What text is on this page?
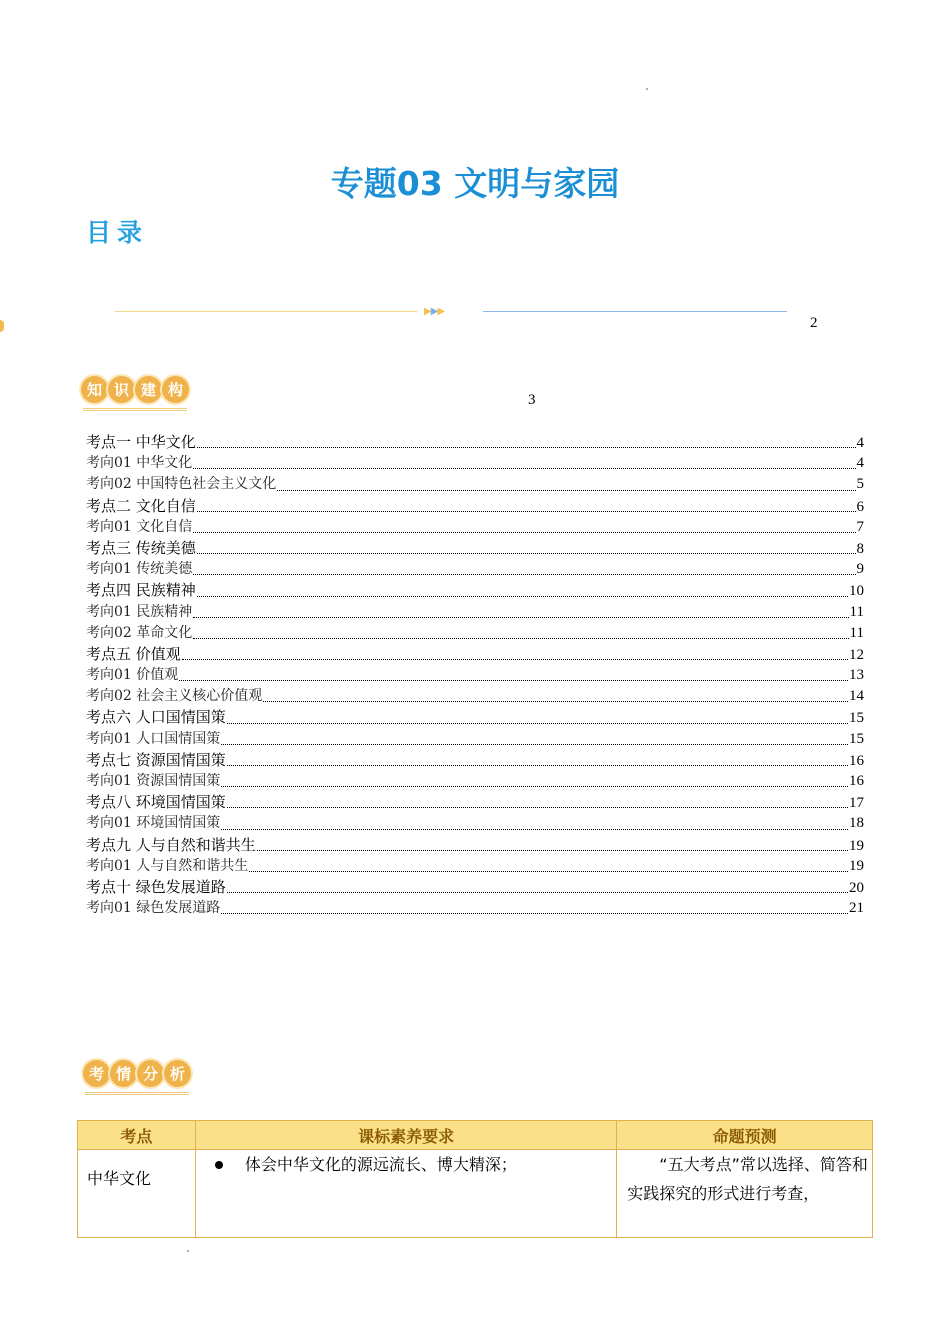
专题03 文明与家园
目录
▶▶▶
2
3
知 识 建 构
考点一 中华文化	4
考向01 中华文化	4
考向02 中国特色社会主义文化	5
考点二 文化自信	6
考向01 文化自信	7
考点三 传统美德	8
考向01 传统美德	9
考点四 民族精神	10
考向01 民族精神	11
考向02 革命文化	11
考点五 价值观	12
考向01 价值观	13
考向02 社会主义核心价值观	14
考点六 人口国情国策	15
考向01 人口国情国策	15
考点七 资源国情国策	16
考向01 资源国情国策	16
考点八 环境国情国策	17
考向01 环境国情国策	18
考点九 人与自然和谐共生	19
考向01 人与自然和谐共生	19
考点十 绿色发展道路	20
考向01 绿色发展道路	21
考 情 分 析
考点	课标素养要求	命题预测
中华文化	体会中华文化的源远流长、博大精深；	“五大考点”常以选择、简答和实践探究的形式进行考查，
